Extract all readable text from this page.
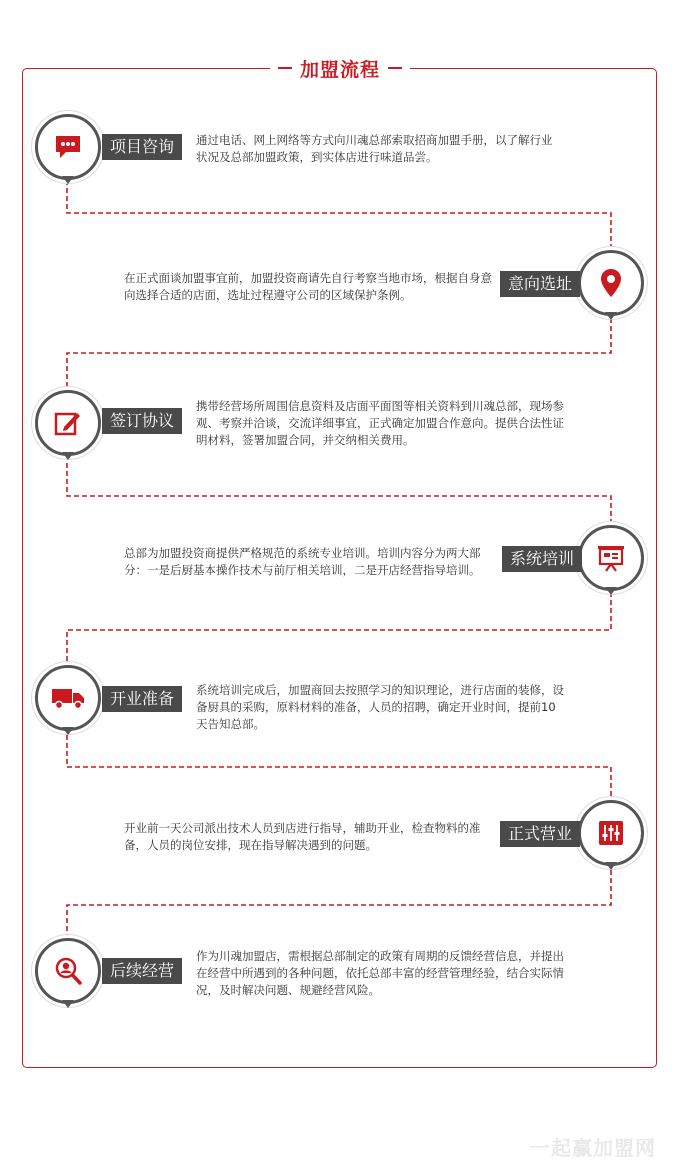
加盟流程
项目咨询	通过电话、网上网络等方式向川魂总部索取招商加盟手册，以了解行业状况及总部加盟政策，到实体店进行味道品尝。
意向选址
在正式面谈加盟事宜前，加盟投资商请先自行考察当地市场，根据自身意向选择合适的店面，选址过程遵守公司的区域保护条例。
签订协议
携带经营场所周围信息资料及店面平面图等相关资料到川魂总部，现场参观、考察并洽谈，交流详细事宜，正式确定加盟合作意向。提供合法性证明材料，签署加盟合同，并交纳相关费用。
系统培训
总部为加盟投资商提供严格规范的系统专业培训。培训内容分为两大部分：一是后厨基本操作技术与前厅相关培训，二是开店经营指导培训。
开业准备	系统培训完成后，加盟商回去按照学习的知识理论，进行店面的装修，设备厨具的采购，原料材料的准备，人员的招聘，确定开业时间，提前10天告知总部。
正式营业
开业前一天公司派出技术人员到店进行指导，辅助开业，检查物料的准备，人员的岗位安排，现在指导解决遇到的问题。
后续经营
作为川魂加盟店，需根据总部制定的政策有周期的反馈经营信息，并提出在经营中所遇到的各种问题，依托总部丰富的经营管理经验，结合实际情况，及时解决问题、规避经营风险。
一起赢加盟网
